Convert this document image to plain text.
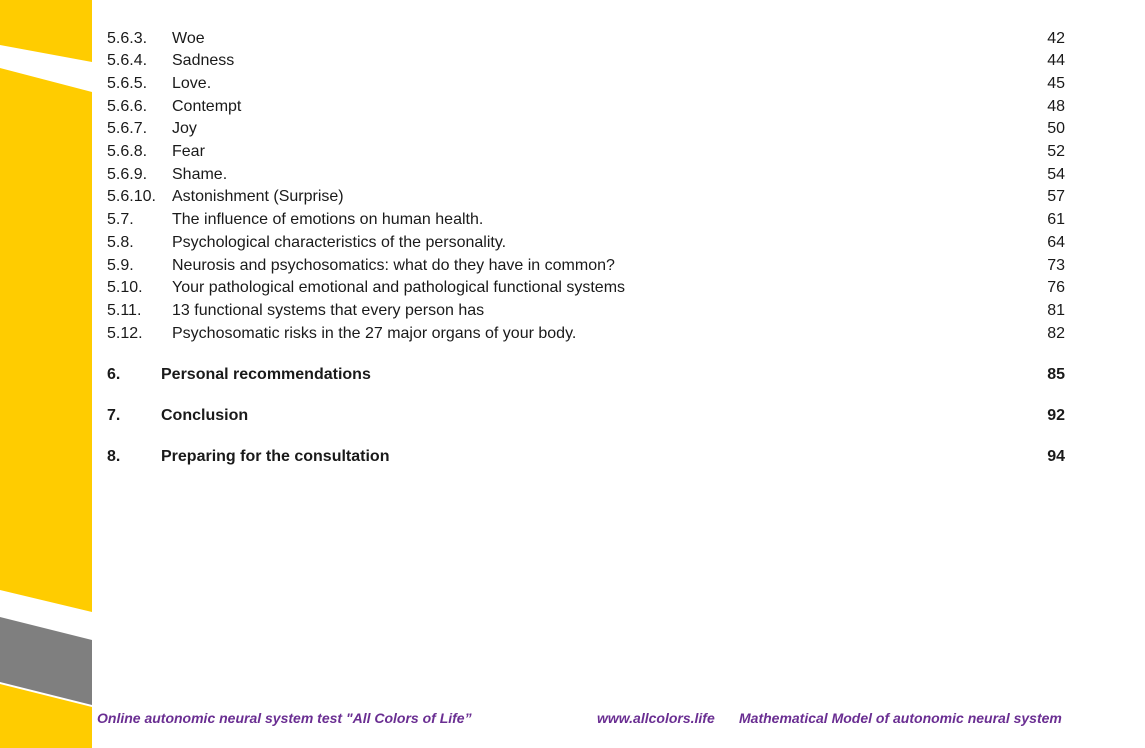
5.6.3. Woe	42
5.6.4. Sadness	44
5.6.5. Love.	45
5.6.6. Contempt	48
5.6.7. Joy	50
5.6.8. Fear	52
5.6.9. Shame.	54
5.6.10. Astonishment (Surprise)	57
5.7. The influence of emotions on human health.	61
5.8. Psychological characteristics of the personality.	64
5.9. Neurosis and psychosomatics: what do they have in common?	73
5.10. Your pathological emotional and pathological functional systems	76
5.11. 13 functional systems that every person has	81
5.12. Psychosomatic risks in the 27 major organs of your body.	82
6.	Personal recommendations	85
7.	Conclusion	92
8.	Preparing for the consultation	94
Online autonomic neural system test "All Colors of Life”	www.allcolors.life Mathematical Model of autonomic neural system
